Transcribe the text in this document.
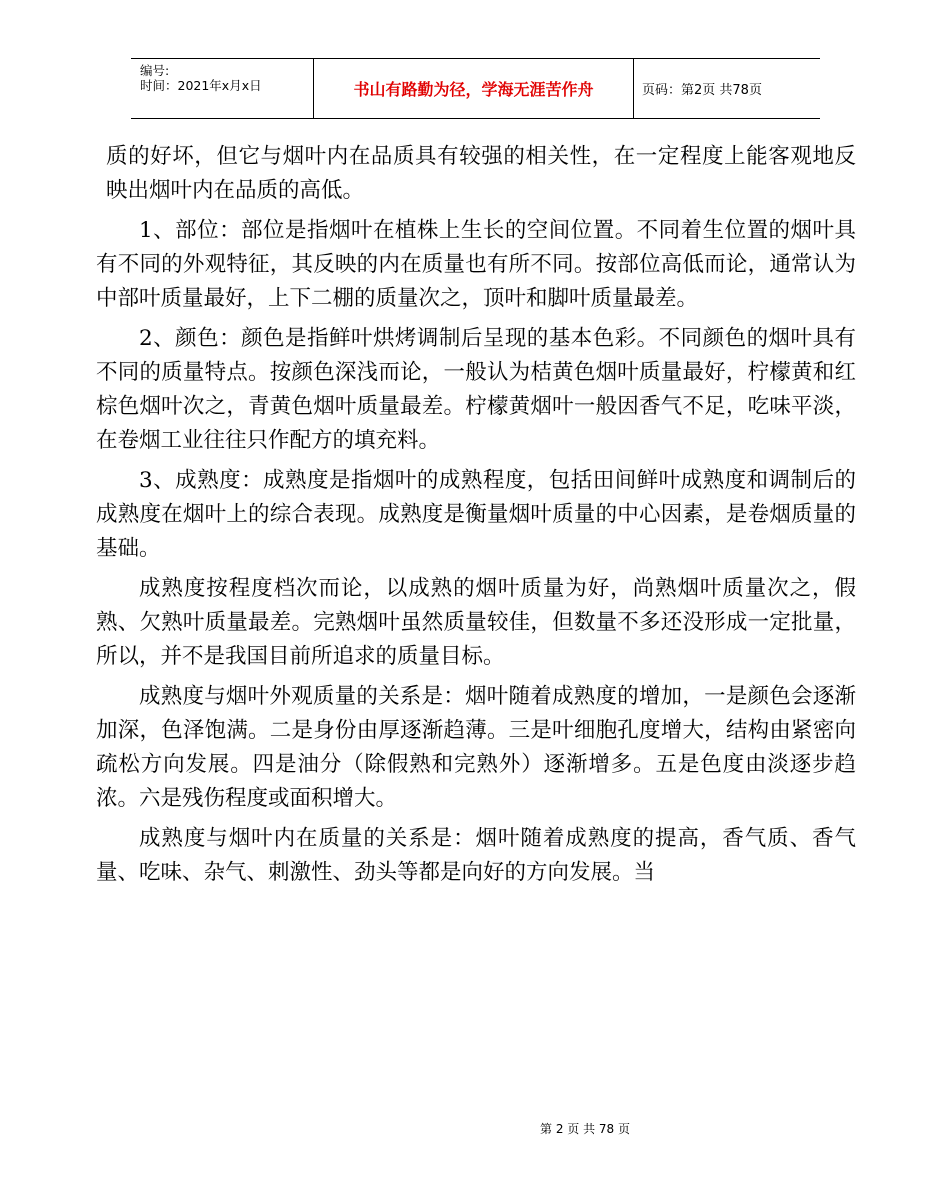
编号:
时间：2021年x月x日	书山有路勤为径，学海无涯苦作舟	页码：第2页 共78页

质的好坏，但它与烟叶内在品质具有较强的相关性，在一定程度上能客观地反映出烟叶内在品质的高低。

1、部位：部位是指烟叶在植株上生长的空间位置。不同着生位置的烟叶具有不同的外观特征，其反映的内在质量也有所不同。按部位高低而论，通常认为中部叶质量最好，上下二棚的质量次之，顶叶和脚叶质量最差。

2、颜色：颜色是指鲜叶烘烤调制后呈现的基本色彩。不同颜色的烟叶具有不同的质量特点。按颜色深浅而论，一般认为桔黄色烟叶质量最好，柠檬黄和红棕色烟叶次之，青黄色烟叶质量最差。柠檬黄烟叶一般因香气不足，吃味平淡，在卷烟工业往往只作配方的填充料。

3、成熟度：成熟度是指烟叶的成熟程度，包括田间鲜叶成熟度和调制后的成熟度在烟叶上的综合表现。成熟度是衡量烟叶质量的中心因素，是卷烟质量的基础。

成熟度按程度档次而论，以成熟的烟叶质量为好，尚熟烟叶质量次之，假熟、欠熟叶质量最差。完熟烟叶虽然质量较佳，但数量不多还没形成一定批量，所以，并不是我国目前所追求的质量目标。

成熟度与烟叶外观质量的关系是：烟叶随着成熟度的增加，一是颜色会逐渐加深，色泽饱满。二是身份由厚逐渐趋薄。三是叶细胞孔度增大，结构由紧密向疏松方向发展。四是油分（除假熟和完熟外）逐渐增多。五是色度由淡逐步趋浓。六是残伤程度或面积增大。

成熟度与烟叶内在质量的关系是：烟叶随着成熟度的提高，香气质、香气量、吃味、杂气、刺激性、劲头等都是向好的方向发展。当

第 2 页 共 78 页
